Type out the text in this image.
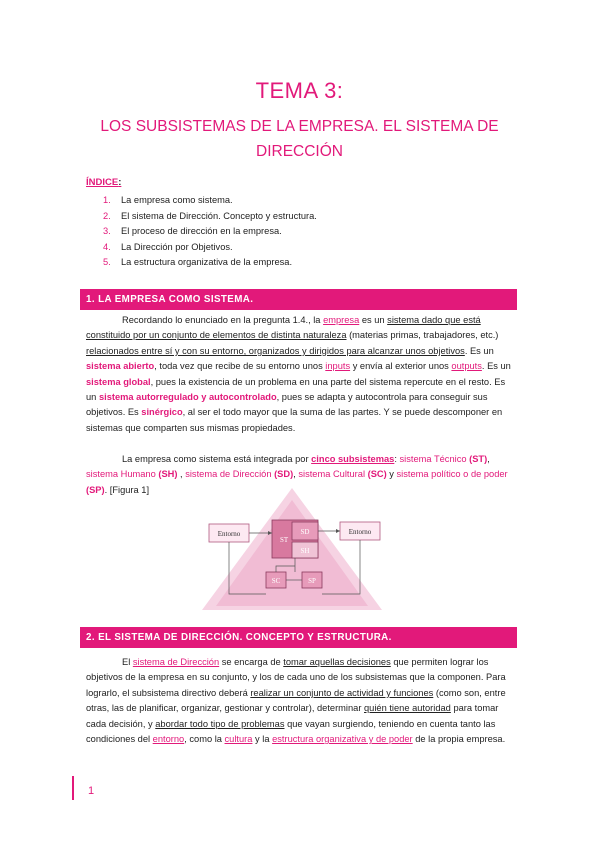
TEMA 3:
LOS SUBSISTEMAS DE LA EMPRESA. EL SISTEMA DE DIRECCIÓN
ÍNDICE:
1. La empresa como sistema.
2. El sistema de Dirección. Concepto y estructura.
3. El proceso de dirección en la empresa.
4. La Dirección por Objetivos.
5. La estructura organizativa de la empresa.
1. LA EMPRESA COMO SISTEMA.

Recordando lo enunciado en la pregunta 1.4., la empresa es un sistema dado que está constituido por un conjunto de elementos de distinta naturaleza (materias primas, trabajadores, etc.) relacionados entre sí y con su entorno, organizados y dirigidos para alcanzar unos objetivos. Es un sistema abierto, toda vez que recibe de su entorno unos inputs y envía al exterior unos outputs. Es un sistema global, pues la existencia de un problema en una parte del sistema repercute en el resto. Es un sistema autorregulado y autocontrolado, pues se adapta y autocontrola para conseguir sus objetivos. Es sinérgico, al ser el todo mayor que la suma de las partes. Y se puede descomponer en sistemas que comparten sus mismas propiedades.

La empresa como sistema está integrada por cinco subsistemas: sistema Técnico (ST), sistema Humano (SH) , sistema de Dirección (SD), sistema Cultural (SC) y sistema político o de poder (SP). [Figura 1]

Entorno	Entorno
ST
SD
SH
SC	SP
2. EL SISTEMA DE DIRECCIÓN. CONCEPTO Y ESTRUCTURA.

El sistema de Dirección se encarga de tomar aquellas decisiones que permiten lograr los objetivos de la empresa en su conjunto, y los de cada uno de los subsistemas que la componen. Para lograrlo, el subsistema directivo deberá realizar un conjunto de actividad y funciones (como son, entre otras, las de planificar, organizar, gestionar y controlar), determinar quién tiene autoridad para tomar cada decisión, y abordar todo tipo de problemas que vayan surgiendo, teniendo en cuenta tanto las condiciones del entorno, como la cultura y la estructura organizativa y de poder de la propia empresa.

1
